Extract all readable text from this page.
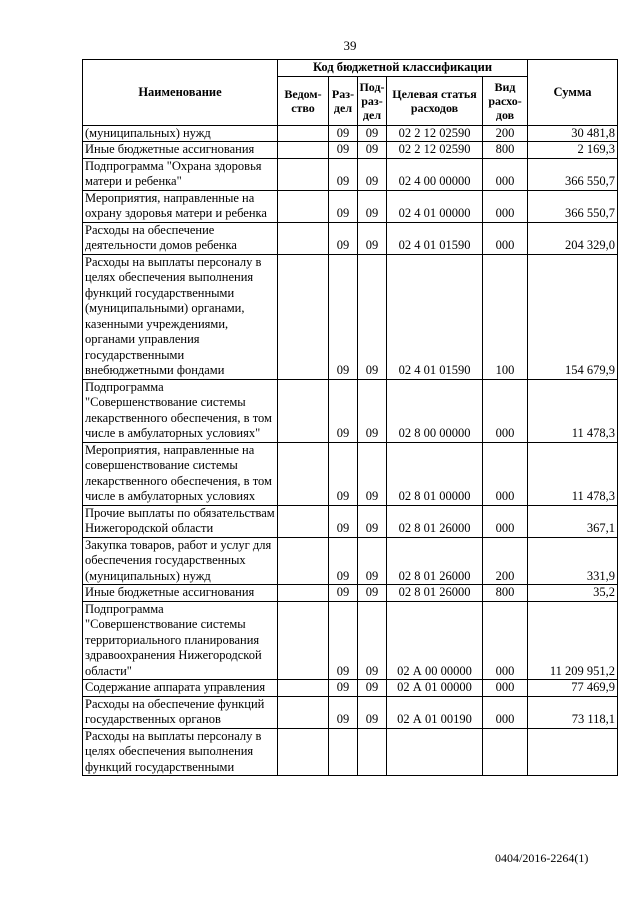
39
Наименование	Код бюджетной классификации					Сумма
	Ведом-ство	Раз-дел	Под-раз-дел	Целевая статья расходов	Вид расхо-дов	
(муниципальных) нужд		09	09	02 2 12 02590	200	30 481,8
Иные бюджетные ассигнования		09	09	02 2 12 02590	800	2 169,3
Подпрограмма "Охрана здоровья матери и ребенка"		09	09	02 4 00 00000	000	366 550,7
Мероприятия, направленные на охрану здоровья матери и ребенка		09	09	02 4 01 00000	000	366 550,7
Расходы на обеспечение деятельности домов ребенка		09	09	02 4 01 01590	000	204 329,0
Расходы на выплаты персоналу в целях обеспечения выполнения функций государственными (муниципальными) органами, казенными учреждениями, органами управления государственными внебюджетными фондами		09	09	02 4 01 01590	100	154 679,9
Подпрограмма "Совершенствование системы лекарственного обеспечения, в том числе в амбулаторных условиях"		09	09	02 8 00 00000	000	11 478,3
Мероприятия, направленные на совершенствование системы лекарственного обеспечения, в том числе в амбулаторных условиях		09	09	02 8 01 00000	000	11 478,3
Прочие выплаты по обязательствам Нижегородской области		09	09	02 8 01 26000	000	367,1
Закупка товаров, работ и услуг для обеспечения государственных (муниципальных) нужд		09	09	02 8 01 26000	200	331,9
Иные бюджетные ассигнования		09	09	02 8 01 26000	800	35,2
Подпрограмма "Совершенствование системы территориального планирования здравоохранения Нижегородской области"		09	09	02 А 00 00000	000	11 209 951,2
Содержание аппарата управления		09	09	02 А 01 00000	000	77 469,9
Расходы на обеспечение функций государственных органов		09	09	02 А 01 00190	000	73 118,1
Расходы на выплаты персоналу в целях обеспечения выполнения функций государственными						
0404/2016-2264(1)
